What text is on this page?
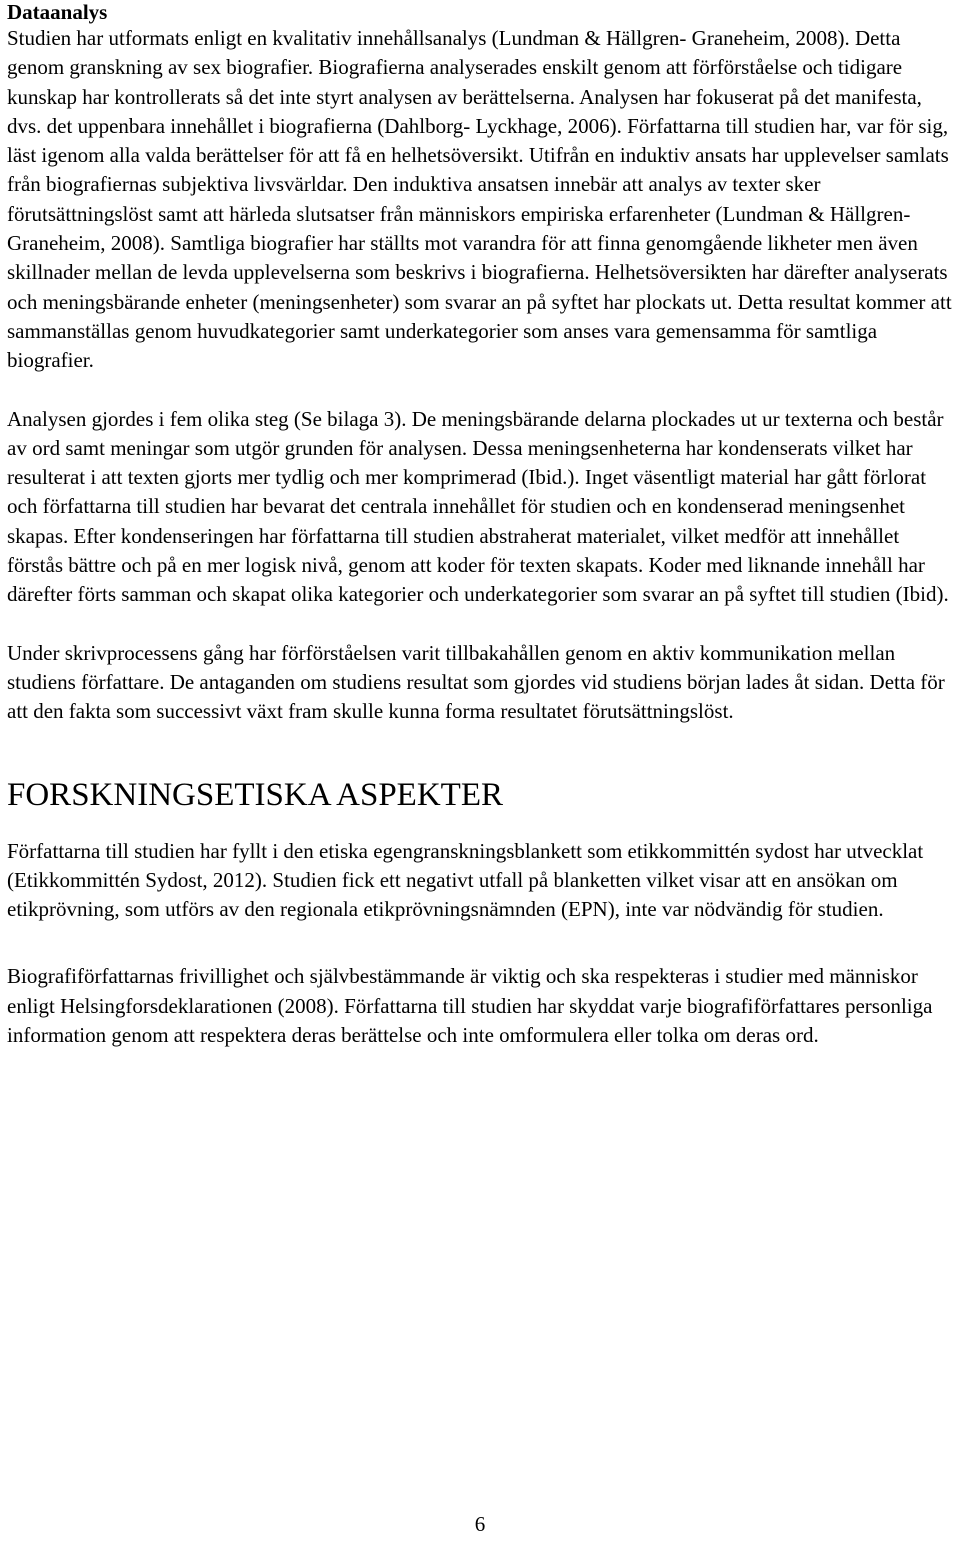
Dataanalys

Studien har utformats enligt en kvalitativ innehållsanalys (Lundman & Hällgren- Graneheim, 2008). Detta genom granskning av sex biografier. Biografierna analyserades enskilt genom att förförståelse och tidigare kunskap har kontrollerats så det inte styrt analysen av berättelserna. Analysen har fokuserat på det manifesta, dvs. det uppenbara innehållet i biografierna (Dahlborg- Lyckhage, 2006). Författarna till studien har, var för sig, läst igenom alla valda berättelser för att få en helhetsöversikt. Utifrån en induktiv ansats har upplevelser samlats från biografiernas subjektiva livsvärldar. Den induktiva ansatsen innebär att analys av texter sker förutsättningslöst samt att härleda slutsatser från människors empiriska erfarenheter (Lundman & Hällgren- Graneheim, 2008). Samtliga biografier har ställts mot varandra för att finna genomgående likheter men även skillnader mellan de levda upplevelserna som beskrivs i biografierna. Helhetsöversikten har därefter analyserats och meningsbärande enheter (meningsenheter) som svarar an på syftet har plockats ut. Detta resultat kommer att sammanställas genom huvudkategorier samt underkategorier som anses vara gemensamma för samtliga biografier.

Analysen gjordes i fem olika steg (Se bilaga 3). De meningsbärande delarna plockades ut ur texterna och består av ord samt meningar som utgör grunden för analysen. Dessa meningsenheterna har kondenserats vilket har resulterat i att texten gjorts mer tydlig och mer komprimerad (Ibid.). Inget väsentligt material har gått förlorat och författarna till studien har bevarat det centrala innehållet för studien och en kondenserad meningsenhet skapas. Efter kondenseringen har författarna till studien abstraherat materialet, vilket medför att innehållet förstås bättre och på en mer logisk nivå, genom att koder för texten skapats. Koder med liknande innehåll har därefter förts samman och skapat olika kategorier och underkategorier som svarar an på syftet till studien (Ibid).

Under skrivprocessens gång har förförståelsen varit tillbakahållen genom en aktiv kommunikation mellan studiens författare. De antaganden om studiens resultat som gjordes vid studiens början lades åt sidan. Detta för att den fakta som successivt växt fram skulle kunna forma resultatet förutsättningslöst.

FORSKNINGSETISKA ASPEKTER

Författarna till studien har fyllt i den etiska egengranskningsblankett som etikkommittén sydost har utvecklat (Etikkommittén Sydost, 2012). Studien fick ett negativt utfall på blanketten vilket visar att en ansökan om etikprövning, som utförs av den regionala etikprövningsnämnden (EPN), inte var nödvändig för studien.

Biografiförfattarnas frivillighet och självbestämmande är viktig och ska respekteras i studier med människor enligt Helsingforsdeklarationen (2008). Författarna till studien har skyddat varje biografiförfattares personliga information genom att respektera deras berättelse och inte omformulera eller tolka om deras ord.

6
